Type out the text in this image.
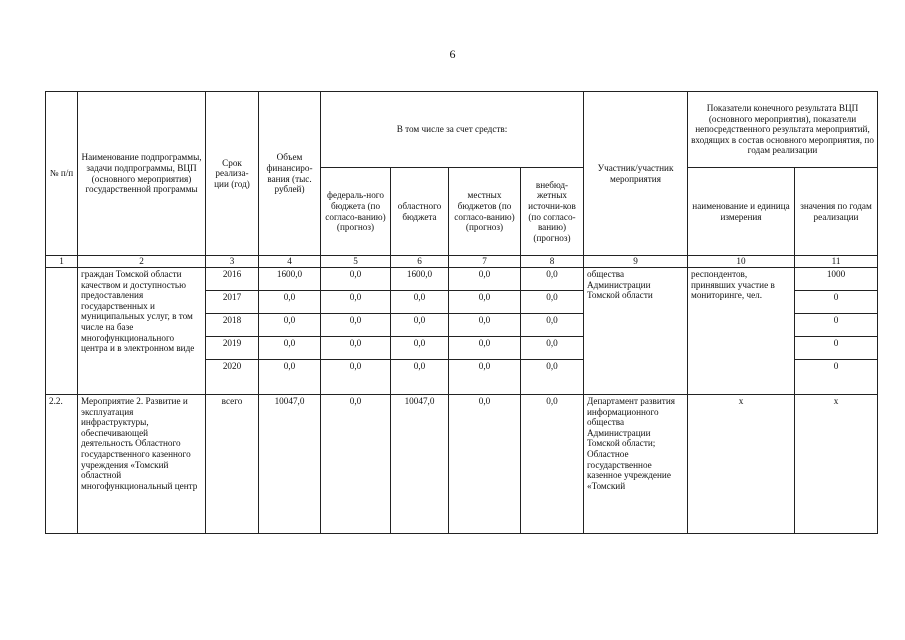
6
№ п/п	Наименование подпрограммы, задачи подпрограммы, ВЦП (основного мероприятия) государственной программы	Срок реализа-ции (год)	Объем финансиро-вания (тыс. рублей)	В том числе за счет средств:				Участник/участник мероприятия	Показатели конечного результата ВЦП (основного мероприятия), показатели непосредственного результата мероприятий, входящих в состав основного мероприятия, по годам реализации	
				федераль-ного бюджета (по согласо-ванию) (прогноз)	областного бюджета	местных бюджетов (по согласо-ванию) (прогноз)	внебюд-жетных источни-ков (по согласо-ванию) (прогноз)		наименование и единица измерения	значения по годам реализации
1	2	3	4	5	6	7	8	9	10	11
	граждан Томской области качеством и доступностью предоставления государственных и муниципальных услуг, в том числе на базе многофункционального центра и в электронном виде	2016	1600,0	0,0	1600,0	0,0	0,0	общества Администрации Томской области	респондентов, принявших участие в мониторинге, чел.	1000
		2017	0,0	0,0	0,0	0,0	0,0			0
		2018	0,0	0,0	0,0	0,0	0,0			0
		2019	0,0	0,0	0,0	0,0	0,0			0
		2020	0,0	0,0	0,0	0,0	0,0			0
2.2.	Мероприятие 2. Развитие и эксплуатация инфраструктуры, обеспечивающей деятельность Областного государственного казенного учреждения «Томский областной многофункциональный центр	всего	10047,0	0,0	10047,0	0,0	0,0	Департамент развития информационного общества Администрации Томской области; Областное государственное казенное учреждение «Томский	x	x
